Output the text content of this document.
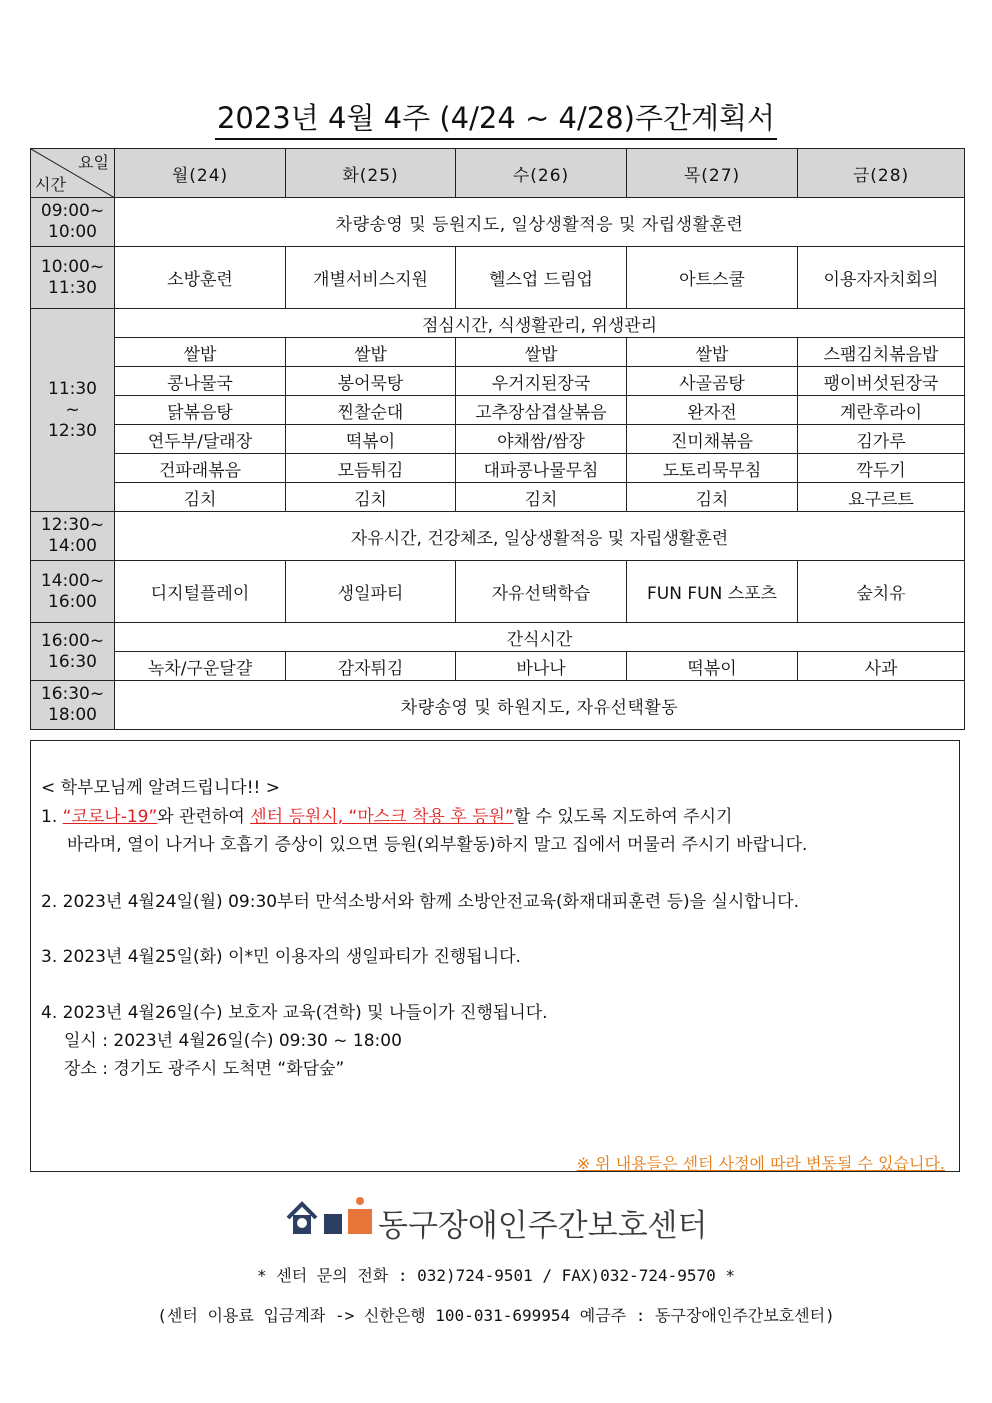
2023년 4월 4주 (4/24 ~ 4/28)주간계획서
요일
시간	월(24)	화(25)	수(26)	목(27)	금(28)

09:00~
10:00	차량송영 및 등원지도, 일상생활적응 및 자립생활훈련				

10:00~
11:30	소방훈련	개별서비스지원	헬스업 드림업	아트스쿨	이용자자치회의

11:30
~
12:30	점심시간, 식생활관리, 위생관리				
	쌀밥	쌀밥	쌀밥	쌀밥	스팸김치볶음밥
	콩나물국	봉어묵탕	우거지된장국	사골곰탕	팽이버섯된장국
	닭볶음탕	찐찰순대	고추장삼겹살볶음	완자전	계란후라이
	연두부/달래장	떡볶이	야채쌈/쌈장	진미채볶음	김가루
	건파래볶음	모듬튀김	대파콩나물무침	도토리묵무침	깍두기
	김치	김치	김치	김치	요구르트

12:30~
14:00	자유시간, 건강체조, 일상생활적응 및 자립생활훈련				

14:00~
16:00	디지털플레이	생일파티	자유선택학습	FUN FUN 스포츠	숲치유

16:00~
16:30	간식시간				
	녹차/구운달걀	감자튀김	바나나	떡볶이	사과

16:30~
18:00	차량송영 및 하원지도, 자유선택활동				
< 학부모님께 알려드립니다!! >
1. “코로나-19”와 관련하여 센터 등원시, “마스크 착용 후 등원”할 수 있도록 지도하여 주시기
바라며, 열이 나거나 호흡기 증상이 있으면 등원(외부활동)하지 말고 집에서 머물러 주시기 바랍니다.
2. 2023년 4월24일(월) 09:30부터 만석소방서와 함께 소방안전교육(화재대피훈련 등)을 실시합니다.
3. 2023년 4월25일(화) 이*민 이용자의 생일파티가 진행됩니다.
4. 2023년 4월26일(수) 보호자 교육(견학) 및 나들이가 진행됩니다.
일시 : 2023년 4월26일(수) 09:30 ~ 18:00
장소 : 경기도 광주시 도척면 “화담숲”
※ 위 내용들은 센터 사정에 따라 변동될 수 있습니다.
동구장애인주간보호센터
* 센터 문의 전화 : 032)724-9501 / FAX)032-724-9570 *
(센터 이용료 입금계좌 -> 신한은행 100-031-699954 예금주 : 동구장애인주간보호센터)
